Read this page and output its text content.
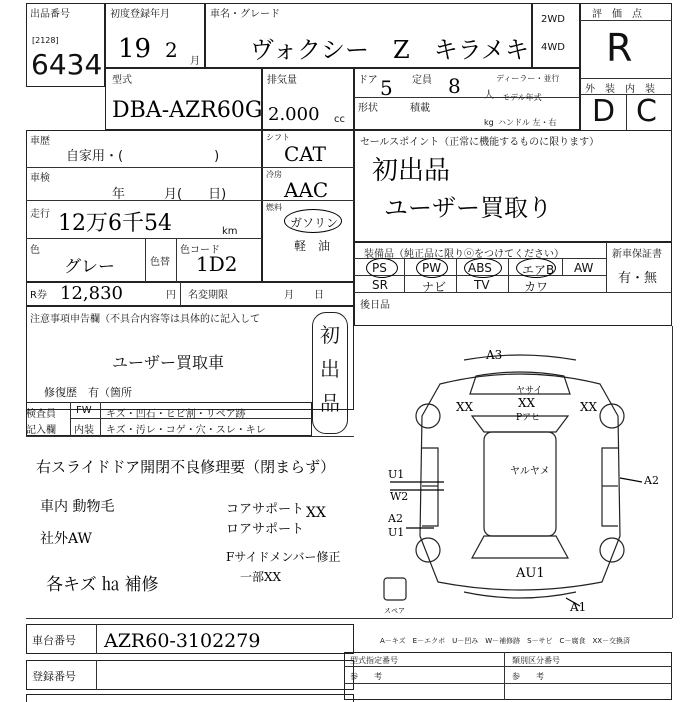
出品番号
[2128]
6434
初度登録年月
19 2 月
車名・グレード
ヴォクシー　Z　キラメキ
2WD
4WD
評　価　点
R
外　装　内　装
D C
型式
DBA-AZR60G
排気量
2.000 cc
ドア 5 定員 8 人
ディーラー・並行
形状	積載
kg
モデル年式
ハンドル 左・右
車歴
自家用・(　　　　　　　)
車検
年　　　月(　　日)
走行 12万6千54	km
色
グレー	色替
色コード
1D2
シフト
CAT
冷房
AAC
燃料
ガソリン
軽　油
R券 12,830	円 名変期限	月　　日
セールスポイント（正常に機能するものに限ります）
初出品
ユーザー買取り
装備品（純正品に限りⓞをつけてください）	新車保証書
有・無
PS	PW ABS	エアB AW
SR	ナビ TV	カワ
後日品
注意事項申告欄（不具合内容等は具体的に記入して
ユーザー買取車
修復歴　有（箇所
初出品
検査員
記入欄
FW キズ・凹石・ヒビ割・リペア跡
内装 キズ・汚レ・コゲ・穴・スレ・キレ
右スライドドア開閉不良修理要（閉まらず）
車内 動物毛
社外AW
各キズ ㏊ 補修
コアサポート
ロアサポート
XX
Fサイドメンバー修正
一部XX
A3
XX	XX
ヤサイ
XX
Pアヒ
ヤルヤメ
A2
U1
W2
A2
U1
AU1
A1
スペア
車台番号 AZR60-3102279
登録番号
A－キズ　E－エクボ　U－凹み　W－補修跡　S－サビ　C－腐食　XX－交換済
型式指定番号	類別区分番号
参　　考	参　　考
